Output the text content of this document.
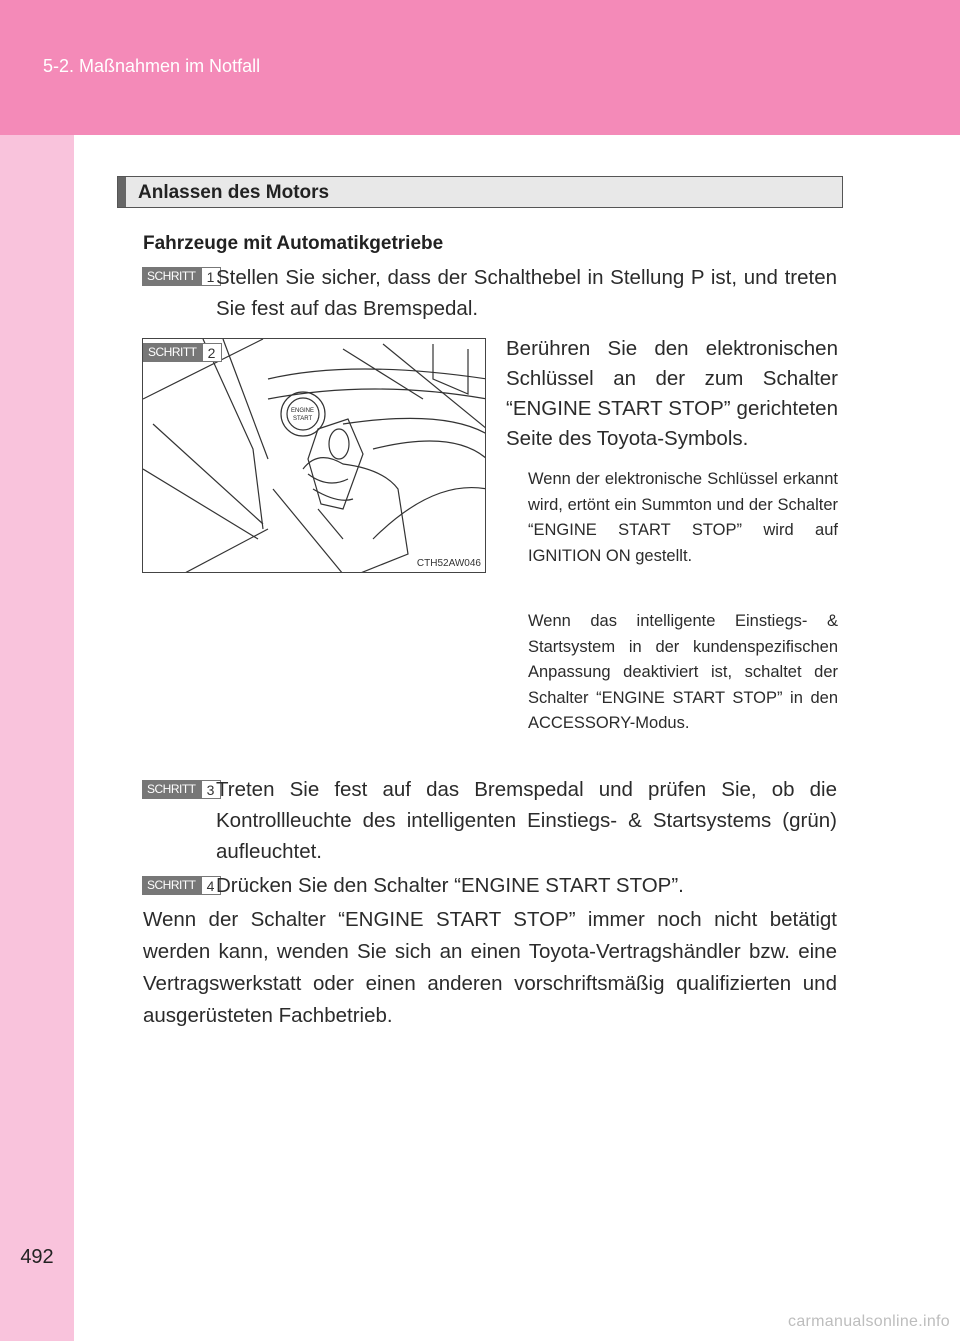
5-2. Maßnahmen im Notfall
492
Anlassen des Motors
Fahrzeuge mit Automatikgetriebe
SCHRITT 1 Stellen Sie sicher, dass der Schalthebel in Stellung P ist, und treten Sie fest auf das Bremspedal.
ENGINE
START
SCHRITT 2
CTH52AW046
Berühren Sie den elektronischen Schlüssel an der zum Schalter “ENGINE START STOP” gerichteten Seite des Toyota-Symbols.
Wenn der elektronische Schlüssel erkannt wird, ertönt ein Summton und der Schalter “ENGINE START STOP” wird auf IGNITION ON gestellt.
Wenn das intelligente Einstiegs- & Startsystem in der kundenspezifischen Anpassung deaktiviert ist, schaltet der Schalter “ENGINE START STOP” in den ACCESSORY-Modus.
SCHRITT 3 Treten Sie fest auf das Bremspedal und prüfen Sie, ob die Kontrollleuchte des intelligenten Einstiegs- & Startsystems (grün) aufleuchtet.
SCHRITT 4 Drücken Sie den Schalter “ENGINE START STOP”.
Wenn der Schalter “ENGINE START STOP” immer noch nicht betätigt werden kann, wenden Sie sich an einen Toyota-Vertragshändler bzw. eine Vertragswerkstatt oder einen anderen vorschriftsmäßig qualifizierten und ausgerüsteten Fachbetrieb.
carmanualsonline.info
